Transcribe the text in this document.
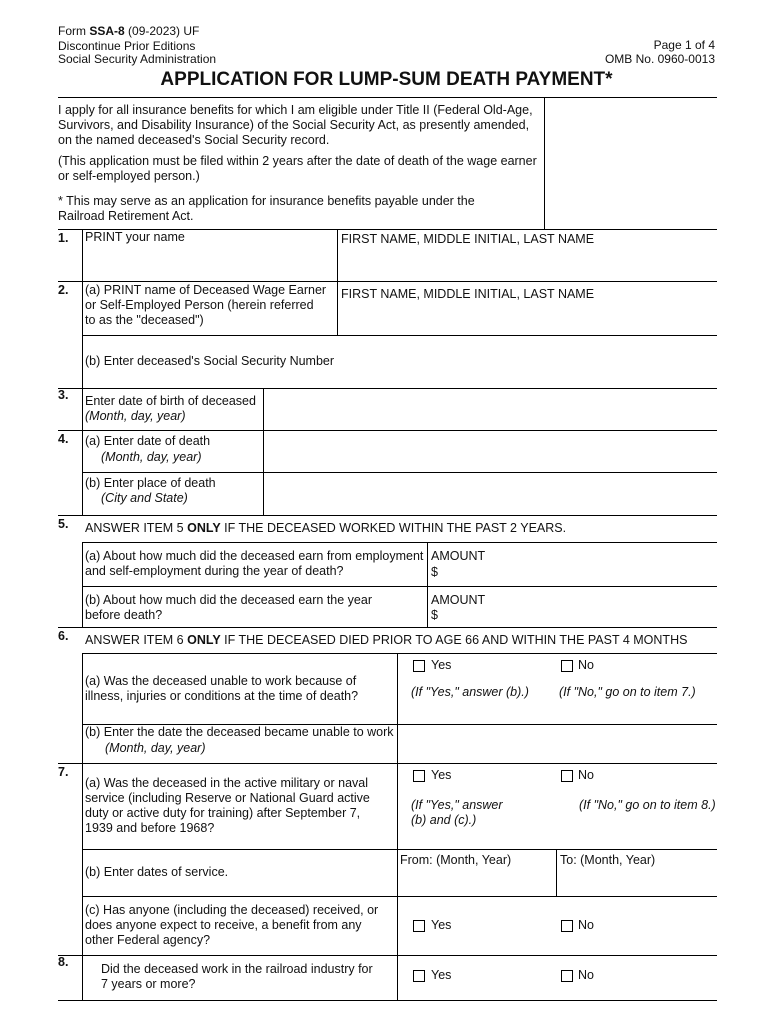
Form SSA-8 (09-2023) UF
Discontinue Prior Editions
Social Security Administration
Page 1 of 4
OMB No. 0960-0013
APPLICATION FOR LUMP-SUM DEATH PAYMENT*
I apply for all insurance benefits for which I am eligible under Title II (Federal Old-Age,
Survivors, and Disability Insurance) of the Social Security Act, as presently amended,
on the named deceased's Social Security record.
(This application must be filed within 2 years after the date of death of the wage earner
or self-employed person.)
* This may serve as an application for insurance benefits payable under the
Railroad Retirement Act.
1. PRINT your name	FIRST NAME, MIDDLE INITIAL, LAST NAME
2. (a) PRINT name of Deceased Wage Earner
or Self-Employed Person (herein referred
to as the "deceased")
FIRST NAME, MIDDLE INITIAL, LAST NAME
(b) Enter deceased's Social Security Number
3. Enter date of birth of deceased
(Month, day, year)
4. (a) Enter date of death
(Month, day, year)
(b) Enter place of death
(City and State)
5. ANSWER ITEM 5 ONLY IF THE DECEASED WORKED WITHIN THE PAST 2 YEARS.
(a) About how much did the deceased earn from employment
and self-employment during the year of death?
AMOUNT
$
(b) About how much did the deceased earn the year
before death?
AMOUNT
$
6. ANSWER ITEM 6 ONLY IF THE DECEASED DIED PRIOR TO AGE 66 AND WITHIN THE PAST 4 MONTHS
(a) Was the deceased unable to work because of
illness, injuries or conditions at the time of death?
Yes	No
(If "Yes," answer (b).) (If "No," go on to item 7.)
(b) Enter the date the deceased became unable to work
(Month, day, year)
7.
(a) Was the deceased in the active military or naval
service (including Reserve or National Guard active
duty or active duty for training) after September 7,
1939 and before 1968?
Yes	No
(If "Yes," answer
(b) and (c).)
(If "No," go on to item 8.)
(b) Enter dates of service.
From: (Month, Year)	To: (Month, Year)
(c) Has anyone (including the deceased) received, or
does anyone expect to receive, a benefit from any
other Federal agency?
Yes	No
8.	Did the deceased work in the railroad industry for
7 years or more?
Yes	No
